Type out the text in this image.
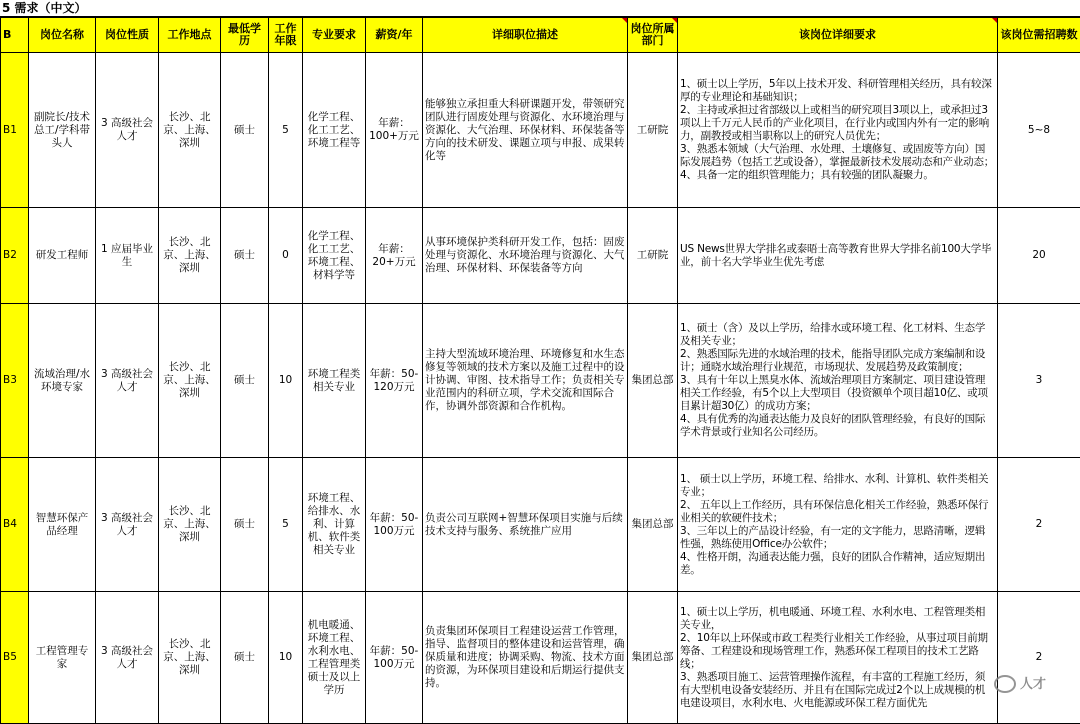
5 需求（中文）
B	岗位名称	岗位性质	工作地点	最低学历	工作年限	专业要求	薪资/年	详细职位描述	岗位所属部门	该岗位详细要求	该岗位需招聘数
B1	副院长/技术总工/学科带头人	3 高级社会人才	长沙、北京、上海、深圳	硕士	5	化学工程、化工工艺、环境工程等	年薪：100+万元	能够独立承担重大科研课题开发，带领研究团队进行固废处理与资源化、水环境治理与资源化、大气治理、环保材料、环保装备等方向的技术研发、课题立项与申报、成果转化等	工研院	1、硕士以上学历，5年以上技术开发、科研管理相关经历，具有较深厚的专业理论和基础知识；
2、主持或承担过省部级以上或相当的研究项目3项以上，或承担过3项以上千万元人民币的产业化项目，在行业内或国内外有一定的影响力，副教授或相当职称以上的研究人员优先；
3、熟悉本领域（大气治理、水处理、土壤修复、或固废等方向）国际发展趋势（包括工艺或设备），掌握最新技术发展动态和产业动态；
4、具备一定的组织管理能力；具有较强的团队凝聚力。	5~8
B2	研发工程师	1 应届毕业生	长沙、北京、上海、深圳	硕士	0	化学工程、化工工艺、环境工程、材料学等	年薪：20+万元	从事环境保护类科研开发工作，包括：固废处理与资源化、水环境治理与资源化、大气治理、环保材料、环保装备等方向	工研院	US News世界大学排名或泰晤士高等教育世界大学排名前100大学毕业，前十名大学毕业生优先考虑	20
B3	流域治理/水环境专家	3 高级社会人才	长沙、北京、上海、深圳	硕士	10	环境工程类相关专业	年薪：50-120万元	主持大型流域环境治理、环境修复和水生态修复等领域的技术方案以及施工过程中的设计协调、审图、技术指导工作；负责相关专业范围内的科研立项，学术交流和国际合作，协调外部资源和合作机构。	集团总部	1、硕士（含）及以上学历，给排水或环境工程、化工材料、生态学及相关专业；
2、熟悉国际先进的水域治理的技术，能指导团队完成方案编制和设计；通晓水域治理行业规范，市场现状、发展趋势及政策制度；
3、具有十年以上黑臭水体、流域治理项目方案制定、项目建设管理相关工作经验，有5个以上大型项目（投资额单个项目超10亿、或项目累计超30亿）的成功方案；
4、具有优秀的沟通表达能力及良好的团队管理经验，有良好的国际学术背景或行业知名公司经历。	3
B4	智慧环保产品经理	3 高级社会人才	长沙、北京、上海、深圳	硕士	5	环境工程、给排水、水利、计算机、软件类相关专业	年薪：50-100万元	负责公司互联网+智慧环保项目实施与后续技术支持与服务、系统推广应用	集团总部	1、 硕士以上学历，环境工程、给排水、水利、计算机、软件类相关专业；
2、 五年以上工作经历，具有环保信息化相关工作经验，熟悉环保行业相关的软硬件技术；
3、三年以上的产品设计经验，有一定的文字能力，思路清晰，逻辑性强，熟练使用Office办公软件；
4、性格开朗，沟通表达能力强，良好的团队合作精神，适应短期出差。	2
B5	工程管理专家	3 高级社会人才	长沙、北京、上海、深圳	硕士	10	机电暖通、环境工程、水利水电、工程管理类硕士及以上学历	年薪：50-100万元	负责集团环保项目工程建设运营工作管理，指导、监督项目的整体建设和运营管理，确保质量和进度；协调采购、物流、技术方面的资源，为环保项目建设和后期运行提供支持。	集团总部	1、硕士以上学历，机电暖通、环境工程、水利水电、工程管理类相关专业，
2、10年以上环保或市政工程类行业相关工作经验，从事过项目前期筹备、工程建设和现场管理工作，熟悉环保工程项目的技术工艺路线；
3、熟悉项目施工、运营管理操作流程，有丰富的工程施工经历，须有大型机电设备安装经历、并且有在国际完成过2个以上成规模的机电建设项目，水利水电、火电能源或环保工程方面优先	2
人才
